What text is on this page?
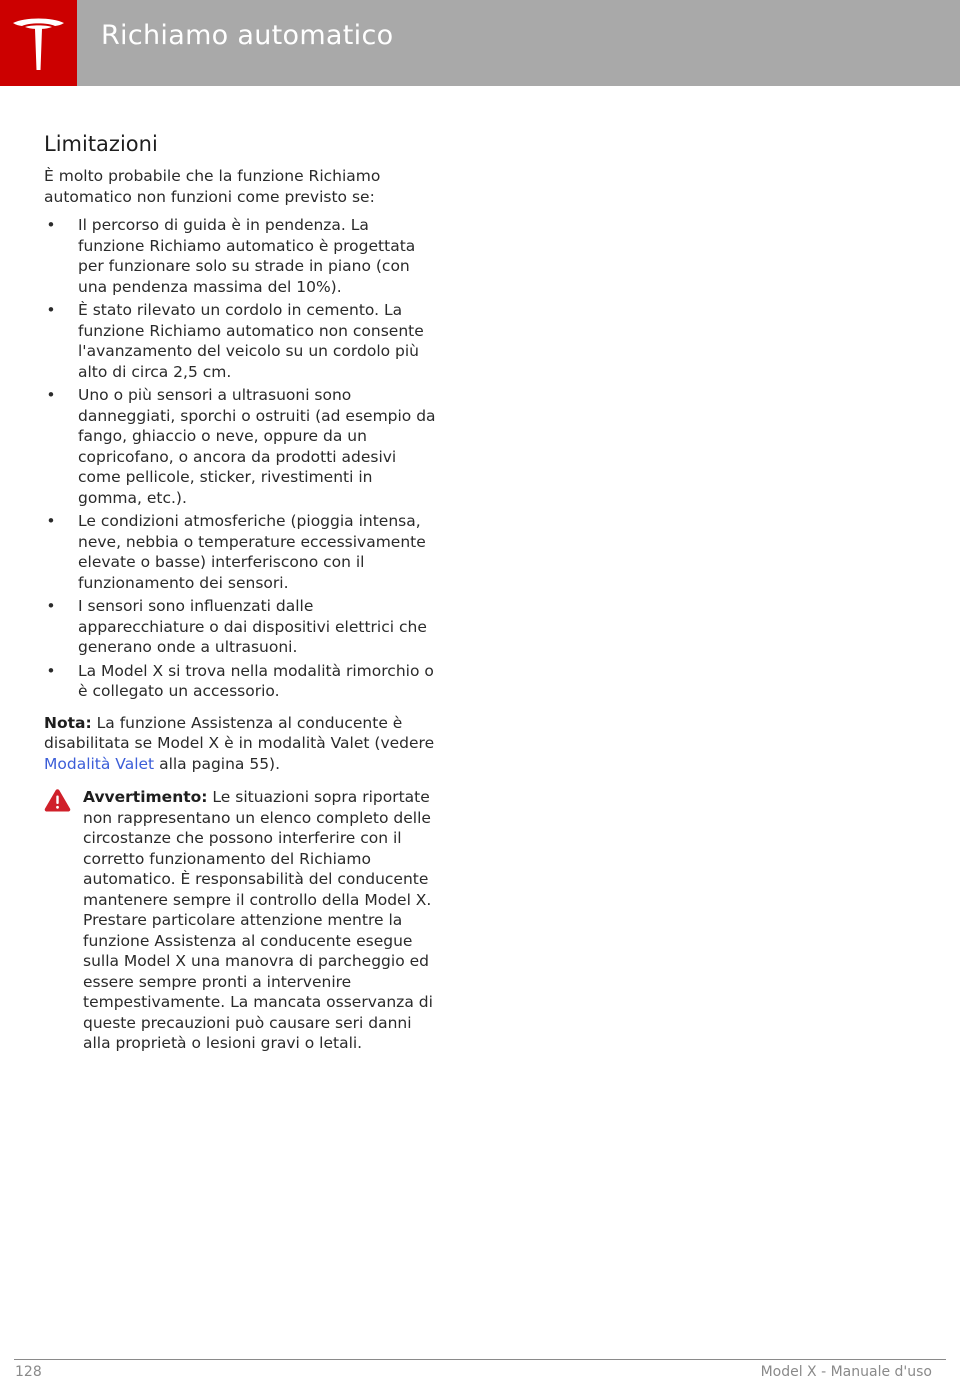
Richiamo automatico
Limitazioni

È molto probabile che la funzione Richiamo automatico non funzioni come previsto se:

• Il percorso di guida è in pendenza. La funzione Richiamo automatico è progettata per funzionare solo su strade in piano (con una pendenza massima del 10%).
• È stato rilevato un cordolo in cemento. La funzione Richiamo automatico non consente l'avanzamento del veicolo su un cordolo più alto di circa 2,5 cm.
• Uno o più sensori a ultrasuoni sono danneggiati, sporchi o ostruiti (ad esempio da fango, ghiaccio o neve, oppure da un copricofano, o ancora da prodotti adesivi come pellicole, sticker, rivestimenti in gomma, etc.).
• Le condizioni atmosferiche (pioggia intensa, neve, nebbia o temperature eccessivamente elevate o basse) interferiscono con il funzionamento dei sensori.
• I sensori sono influenzati dalle apparecchiature o dai dispositivi elettrici che generano onde a ultrasuoni.
• La Model X si trova nella modalità rimorchio o è collegato un accessorio.

Nota: La funzione Assistenza al conducente è disabilitata se Model X è in modalità Valet (vedere Modalità Valet alla pagina 55).

Avvertimento: Le situazioni sopra riportate non rappresentano un elenco completo delle circostanze che possono interferire con il corretto funzionamento del Richiamo automatico. È responsabilità del conducente mantenere sempre il controllo della Model X. Prestare particolare attenzione mentre la funzione Assistenza al conducente esegue sulla Model X una manovra di parcheggio ed essere sempre pronti a intervenire tempestivamente. La mancata osservanza di queste precauzioni può causare seri danni alla proprietà o lesioni gravi o letali.
128	Model X - Manuale d'uso
